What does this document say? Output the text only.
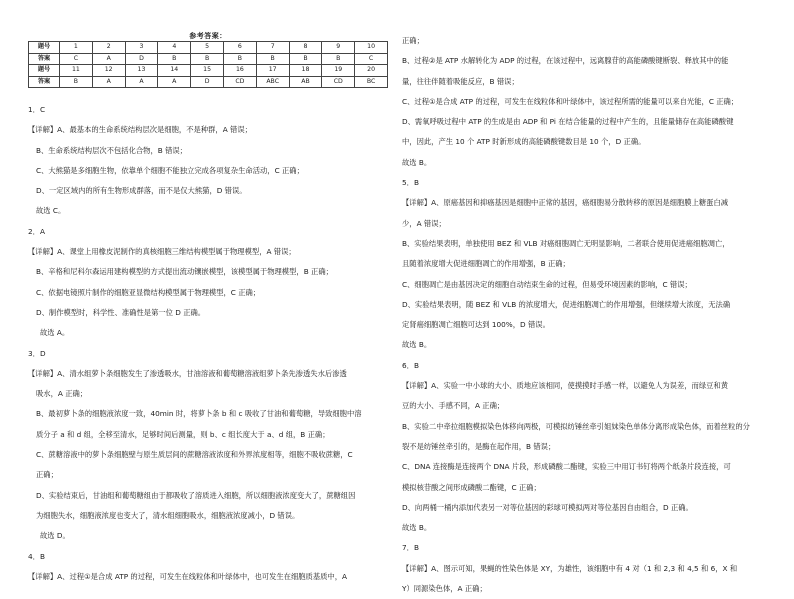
参考答案：
题号	1	2	3	4	5	6	7	8	9	10
答案	C	A	D	B	B	B	B	B	B	C
题号	11	12	13	14	15	16	17	18	19	20
答案	B	A	A	A	D	CD	ABC	AB	CD	BC
1．C
【详解】A、最基本的生命系统结构层次是细胞，不是种群，A 错误；
B、生命系统结构层次不包括化合物，B 错误；
C、大熊猫是多细胞生物，依靠单个细胞不能独立完成各项复杂生命活动，C 正确；
D、一定区域内的所有生物形成群落，而不是仅大熊猫，D 错误。
故选 C。
2．A
【详解】A、课堂上用橡皮泥制作的真核细胞三维结构模型属于物理模型，A 错误；
B、辛格和尼科尔森运用建构模型的方式提出流动镶嵌模型，该模型属于物理模型，B 正确；
C、依据电镜照片制作的细胞亚显微结构模型属于物理模型，C 正确；
D、制作模型时，科学性、准确性是第一位 D 正确。
故选 A。
3．D
【详解】A、清水组萝卜条细胞发生了渗透吸水，甘油溶液和葡萄糖溶液组萝卜条先渗透失水后渗透
吸水，A 正确；
B、最初萝卜条的细胞液浓度一致，40min 时，将萝卜条 b 和 c 吸收了甘油和葡萄糖，导致细胞中溶
质分子 a 和 d 组，全移至清水，足够时间后测量，则 b、c 组长度大于 a、d 组，B 正确；
C、蔗糖溶液中的萝卜条细胞壁与原生质层间的蔗糖溶液浓度和外界浓度相等，细胞不吸收蔗糖，C
正确；
D、实验结束后，甘油组和葡萄糖组由于都吸收了溶质进入细胞，所以细胞液浓度变大了，蔗糖组因
为细胞失水，细胞液浓度也变大了，清水组细胞吸水，细胞液浓度减小，D 错误。
故选 D。
4．B
【详解】A、过程①是合成 ATP 的过程，可发生在线粒体和叶绿体中，也可发生在细胞质基质中，A
正确；
B、过程②是 ATP 水解转化为 ADP 的过程，在该过程中，远离腺苷的高能磷酸键断裂、释放其中的能
量，往往伴随着吸能反应，B 错误；
C、过程①是合成 ATP 的过程，可发生在线粒体和叶绿体中，该过程所需的能量可以来自光能，C 正确；
D、需氧呼吸过程中 ATP 的生成是由 ADP 和 Pi 在结合能量的过程中产生的，且能量储存在高能磷酸键
中，因此，产生 10 个 ATP 时新形成的高能磷酸键数目是 10 个，D 正确。
故选 B。
5．B
【详解】A、原癌基因和抑癌基因是细胞中正常的基因，癌细胞易分散转移的原因是细胞膜上糖蛋白减
少，A 错误；
B、实验结果表明，单独使用 BEZ 和 VLB 对癌细胞凋亡无明显影响，二者联合使用促进癌细胞凋亡，
且随着浓度增大促进细胞凋亡的作用增强，B 正确；
C、细胞凋亡是由基因决定的细胞自动结束生命的过程，但易受环境因素的影响，C 错误；
D、实验结果表明，随 BEZ 和 VLB 的浓度增大，促进细胞凋亡的作用增强，但继续增大浓度，无法确
定肾癌细胞凋亡细胞可达到 100%，D 错误。
故选 B。
6．B
【详解】A、实验一中小球的大小、质地应该相同，使摸摸时手感一样，以避免人为误差，而绿豆和黄
豆的大小、手感不同，A 正确；
B、实验二中牵拉细胞模拟染色体移向两极，可模拟纺锤丝牵引姐妹染色单体分离形成染色体，而着丝粒的分
裂不是纺锤丝牵引的，是酶在起作用，B 错误；
C、DNA 连接酶是连接两个 DNA 片段，形成磷酸二酯键，实验三中用订书钉将两个纸条片段连接，可
模拟核苷酸之间形成磷酸二酯键，C 正确；
D、向两桶一桶内添加代表另一对等位基因的彩球可模拟两对等位基因自由组合，D 正确。
故选 B。
7．B
【详解】A、图示可知，果蝇的性染色体是 XY，为雄性，该细胞中有 4 对（1 和 2,3 和 4,5 和 6，X 和
Y）同源染色体，A 正确；
